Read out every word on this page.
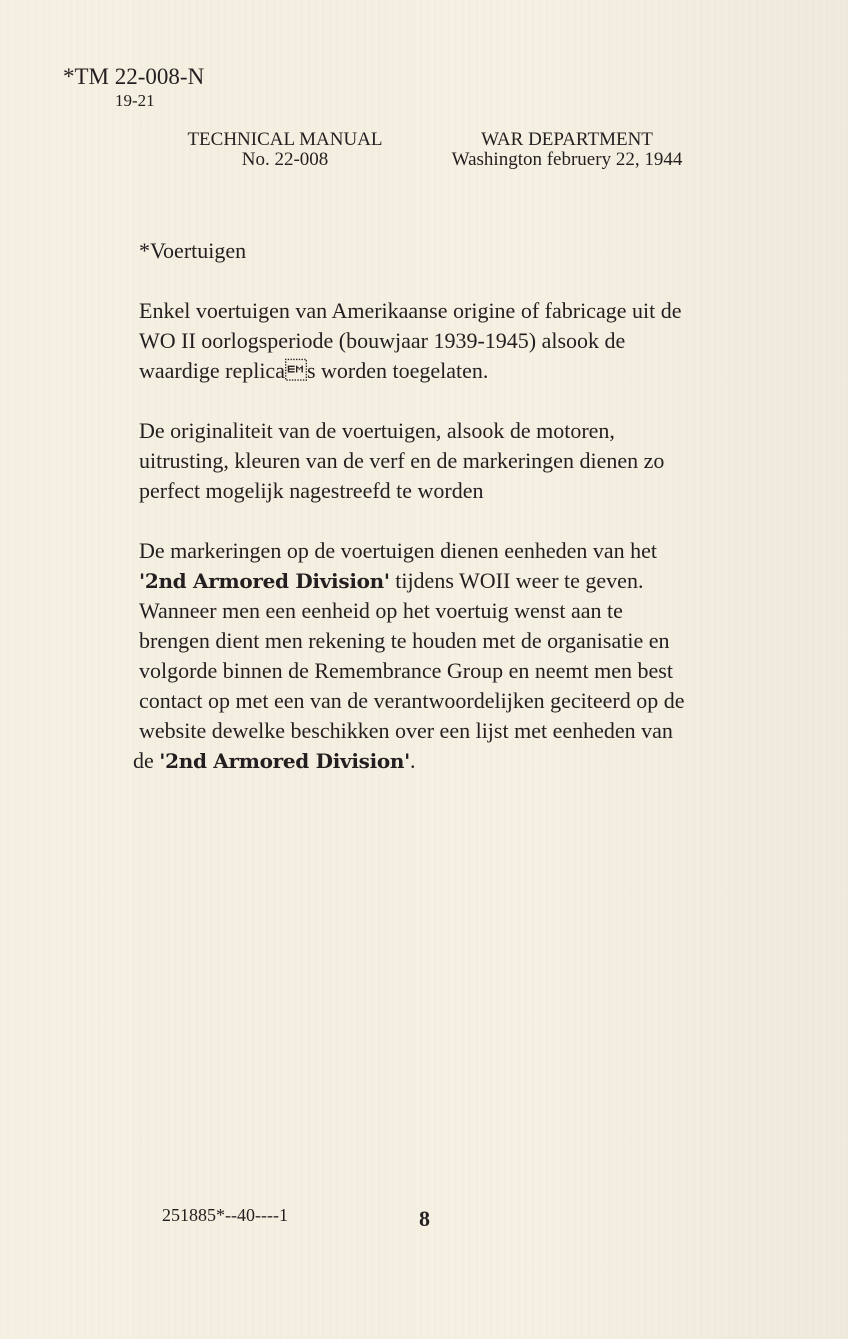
*TM 22-008-N
19-21
TECHNICAL MANUAL
No. 22-008
WAR DEPARTMENT
Washington februery 22, 1944
*Voertuigen
Enkel voertuigen van Amerikaanse origine of fabricage uit de
WO II oorlogsperiode (bouwjaar 1939-1945) alsook de
waardige replicas worden toegelaten.
De originaliteit van de voertuigen, alsook de motoren,
uitrusting, kleuren van de verf en de markeringen dienen zo
perfect mogelijk nagestreefd te worden
De markeringen op de voertuigen dienen eenheden van het
'2nd Armored Division' tijdens WOII weer te geven.
Wanneer men een eenheid op het voertuig wenst aan te
brengen dient men rekening te houden met de organisatie en
volgorde binnen de Remembrance Group en neemt men best
contact op met een van de verantwoordelijken geciteerd op de
website dewelke beschikken over een lijst met eenheden van
de '2nd Armored Division'.
251885*--40----1	8
